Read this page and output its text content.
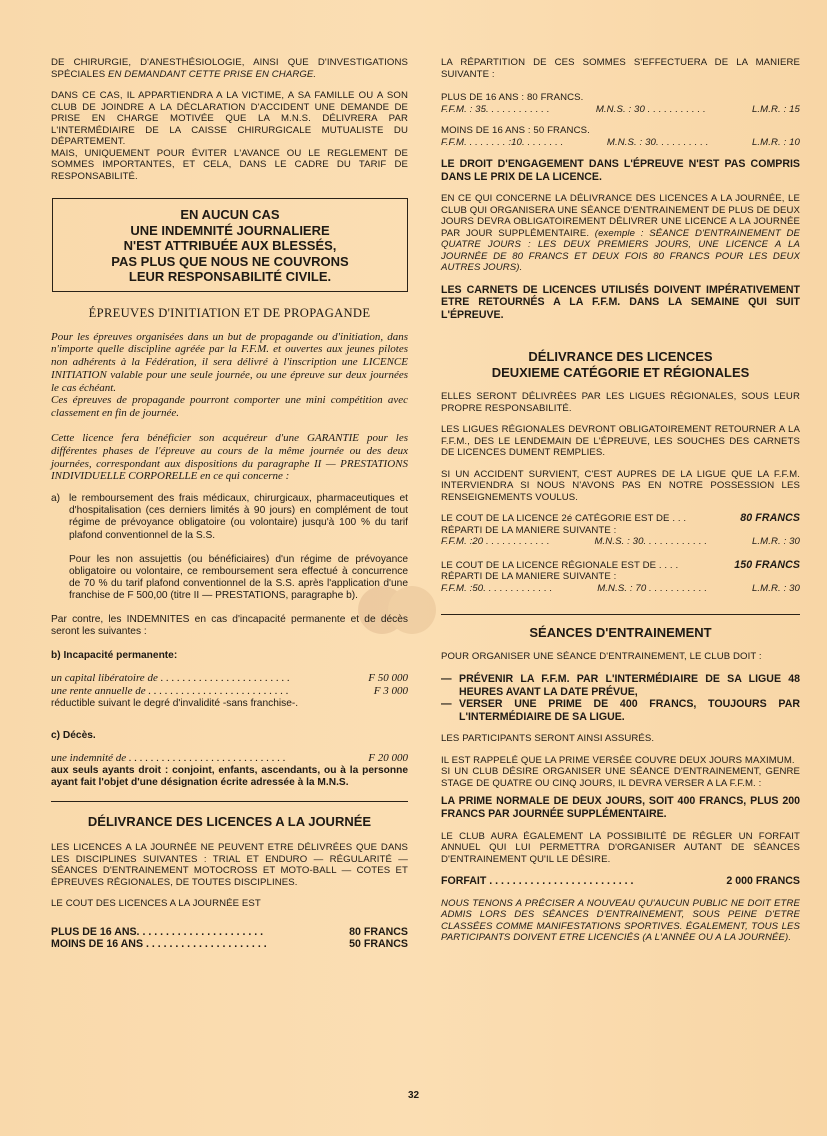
DE CHIRURGIE, D'ANESTHÉSIOLOGIE, AINSI QUE D'INVESTIGATIONS SPÉCIALES EN DEMANDANT CETTE PRISE EN CHARGE.

DANS CE CAS, IL APPARTIENDRA A LA VICTIME, A SA FAMILLE OU A SON CLUB DE JOINDRE A LA DÉCLARATION D'ACCIDENT UNE DEMANDE DE PRISE EN CHARGE MOTIVÉE QUE LA M.N.S. DÉLIVRERA PAR L'INTERMÉDIAIRE DE LA CAISSE CHIRURGICALE MUTUALISTE DU DÉPARTEMENT.

MAIS, UNIQUEMENT POUR ÉVITER L'AVANCE OU LE REGLEMENT DE SOMMES IMPORTANTES, ET CELA, DANS LE CADRE DU TARIF DE RESPONSABILITÉ.

EN AUCUN CAS
UNE INDEMNITÉ JOURNALIERE
N'EST ATTRIBUÉE AUX BLESSÉS,
PAS PLUS QUE NOUS NE COUVRONS
LEUR RESPONSABILITÉ CIVILE.

ÉPREUVES D'INITIATION ET DE PROPAGANDE

Pour les épreuves organisées dans un but de propagande ou d'initiation, dans n'importe quelle discipline agréée par la F.F.M. et ouvertes aux jeunes pilotes non adhérents à la Fédération, il sera délivré à l'inscription une LICENCE INITIATION valable pour une seule journée, ou une épreuve sur deux journées le cas échéant.

Ces épreuves de propagande pourront comporter une mini compétition avec classement en fin de journée.

Cette licence fera bénéficier son acquéreur d'une GARANTIE pour les différentes phases de l'épreuve au cours de la même journée ou des deux journées, correspondant aux dispositions du paragraphe II — PRESTATIONS INDIVIDUELLE CORPORELLE en ce qui concerne :

a) le remboursement des frais médicaux, chirurgicaux, pharmaceutiques et d'hospitalisation (ces derniers limités à 90 jours) en complément de tout régime de prévoyance obligatoire (ou volontaire) jusqu'à 100 % du tarif plafond conventionnel de la S.S.

Pour les non assujettis (ou bénéficiaires) d'un régime de prévoyance obligatoire ou volontaire, ce remboursement sera effectué à concurrence de 70 % du tarif plafond conventionnel de la S.S. après l'application d'une franchise de F 500,00 (titre II — PRESTATIONS, paragraphe b).

Par contre, les INDEMNITES en cas d'incapacité permanente et de décès seront les suivantes :

b) Incapacité permanente:

un capital libératoire de . . . . . . . . . . . . . . . . . . . . . . . .	F 50 000
une rente annuelle de . . . . . . . . . . . . . . . . . . . . . . . . . .	F 3 000

réductible suivant le degré d'invalidité -sans franchise-.

c) Décès.

une indemnité de . . . . . . . . . . . . . . . . . . . . . . . . . . . . .	F 20 000

aux seuls ayants droit : conjoint, enfants, ascendants, ou à la personne ayant fait l'objet d'une désignation écrite adressée à la M.N.S.

DÉLIVRANCE DES LICENCES A LA JOURNÉE

LES LICENCES A LA JOURNÉE NE PEUVENT ETRE DÉLIVRÉES QUE DANS LES DISCIPLINES SUIVANTES : TRIAL ET ENDURO — RÉGULARITÉ — SÉANCES D'ENTRAINEMENT MOTOCROSS ET MOTO-BALL — COTES ET ÉPREUVES RÉGIONALES, DE TOUTES DISCIPLINES.

LE COUT DES LICENCES A LA JOURNÉE EST

PLUS DE 16 ANS. . . . . . . . . . . . . . . . . . . . . .	80 FRANCS
MOINS DE 16 ANS . . . . . . . . . . . . . . . . . . . . .	50 FRANCS

LA RÉPARTITION DE CES SOMMES S'EFFECTUERA DE LA MANIERE SUIVANTE :

PLUS DE 16 ANS : 80 FRANCS.

F.F.M. : 35. . . . . . . . . . . .	M.N.S. : 30 . . . . . . . . . . .	L.M.R. : 15

MOINS DE 16 ANS : 50 FRANCS.

F.F.M. . . . . . . . :10. . . . . . . .	M.N.S. : 30. . . . . . . . . .	L.M.R. : 10

LE DROIT D'ENGAGEMENT DANS L'ÉPREUVE N'EST PAS COMPRIS DANS LE PRIX DE LA LICENCE.

EN CE QUI CONCERNE LA DÉLIVRANCE DES LICENCES A LA JOURNÉE, LE CLUB QUI ORGANISERA UNE SÉANCE D'ENTRAINEMENT DE PLUS DE DEUX JOURS DEVRA OBLIGATOIREMENT DÉLIVRER UNE LICENCE A LA JOURNÉE PAR JOUR SUPPLÉMENTAIRE. (exemple : SÉANCE D'ENTRAINEMENT DE QUATRE JOURS : LES DEUX PREMIERS JOURS, UNE LICENCE A LA JOURNÉE DE 80 FRANCS ET DEUX FOIS 80 FRANCS POUR LES DEUX AUTRES JOURS).

LES CARNETS DE LICENCES UTILISÉS DOIVENT IMPÉRATIVEMENT ETRE RETOURNÉS A LA F.F.M. DANS LA SEMAINE QUI SUIT L'ÉPREUVE.

DÉLIVRANCE DES LICENCES

DEUXIEME CATÉGORIE ET RÉGIONALES

ELLES SERONT DÉLIVRÉES PAR LES LIGUES RÉGIONALES, SOUS LEUR PROPRE RESPONSABILITÉ.

LES LIGUES RÉGIONALES DEVRONT OBLIGATOIREMENT RETOURNER A LA F.F.M., DES LE LENDEMAIN DE L'ÉPREUVE, LES SOUCHES DES CARNETS DE LICENCES DUMENT REMPLIES.

SI UN ACCIDENT SURVIENT, C'EST AUPRES DE LA LIGUE QUE LA F.F.M. INTERVIENDRA SI NOUS N'AVONS PAS EN NOTRE POSSESSION LES RENSEIGNEMENTS VOULUS.

LE COUT DE LA LICENCE 2é CATÉGORIE EST DE . . .	80 FRANCS

RÉPARTI DE LA MANIERE SUIVANTE :

F.F.M. :20 . . . . . . . . . . . .	M.N.S. : 30. . . . . . . . . . . .	L.M.R. : 30
LE COUT DE LA LICENCE RÉGIONALE EST DE . . . .	150 FRANCS

RÉPARTI DE LA MANIERE SUIVANTE :

F.F.M. :50. . . . . . . . . . . . .	M.N.S. : 70 . . . . . . . . . . .	L.M.R. : 30

SÉANCES D'ENTRAINEMENT

POUR ORGANISER UNE SÉANCE D'ENTRAINEMENT, LE CLUB DOIT :

— PRÉVENIR LA F.F.M. PAR L'INTERMÉDIAIRE DE SA LIGUE 48 HEURES AVANT LA DATE PRÉVUE,
— VERSER UNE PRIME DE 400 FRANCS, TOUJOURS PAR L'INTERMÉDIAIRE DE SA LIGUE.

LES PARTICIPANTS SERONT AINSI ASSURÉS.

IL EST RAPPELÉ QUE LA PRIME VERSÉE COUVRE DEUX JOURS MAXIMUM.

SI UN CLUB DÉSIRE ORGANISER UNE SÉANCE D'ENTRAINEMENT, GENRE STAGE DE QUATRE OU CINQ JOURS, IL DEVRA VERSER A LA F.F.M. :

LA PRIME NORMALE DE DEUX JOURS, SOIT 400 FRANCS, PLUS 200 FRANCS PAR JOURNÉE SUPPLÉMENTAIRE.

LE CLUB AURA ÉGALEMENT LA POSSIBILITÉ DE RÉGLER UN FORFAIT ANNUEL QUI LUI PERMETTRA D'ORGANISER AUTANT DE SÉANCES D'ENTRAINEMENT QU'IL LE DÉSIRE.

FORFAIT . . . . . . . . . . . . . . . . . . . . . . . . .	2 000 FRANCS

NOUS TENONS A PRÉCISER A NOUVEAU QU'AUCUN PUBLIC NE DOIT ETRE ADMIS LORS DES SÉANCES D'ENTRAINEMENT, SOUS PEINE D'ETRE CLASSÉES COMME MANIFESTATIONS SPORTIVES. ÉGALEMENT, TOUS LES PARTICIPANTS DOIVENT ETRE LICENCIÉS (A L'ANNÉE OU A LA JOURNÉE).

32
